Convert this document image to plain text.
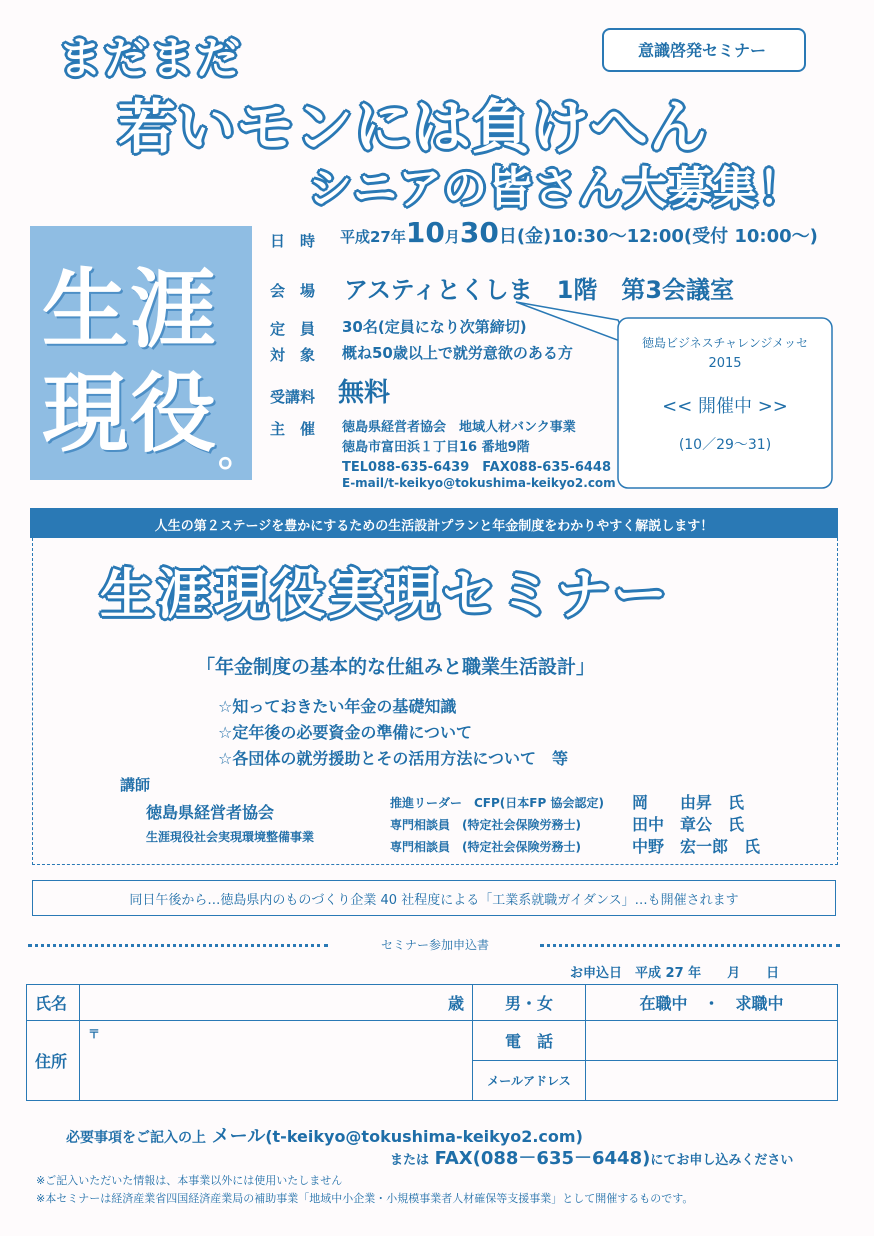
まだまだ	意識啓発セミナー
若いモンには負けへん
シニアの皆さん大募集！
生涯
現役 。
日　時 平成27年10月30日(金)10:30〜12:00(受付 10:00〜)
会　場 アスティとくしま　1階　第3会議室
定　員 30名(定員になり次第締切)
対　象 概ね50歳以上で就労意欲のある方
受講料 無料
主　催 徳島県経営者協会　地域人材バンク事業
徳島市富田浜１丁目16 番地9階
TEL088-635-6439　FAX088-635-6448
E-mail/t-keikyo@tokushima-keikyo2.com
徳島ビジネスチャレンジメッセ
2015
<< 開催中 >>
(10／29〜31)
人生の第２ステージを豊かにするための生活設計プランと年金制度をわかりやすく解説します！
生涯現役実現セミナー
「年金制度の基本的な仕組みと職業生活設計」
☆知っておきたい年金の基礎知識
☆定年後の必要資金の準備について
☆各団体の就労援助とその活用方法について　等
講師
徳島県経営者協会
生涯現役社会実現環境整備事業
推進リーダー　CFP(日本FP 協会認定) 岡　　由昇　氏
専門相談員　(特定社会保険労務士)	田中　章公　氏
専門相談員　(特定社会保険労務士)	中野　宏一郎　氏
同日午後から…徳島県内のものづくり企業 40 社程度による「工業系就職ガイダンス」…も開催されます
セミナー参加申込書
お申込日　平成 27 年　　月　　日
氏名		歳	男・女	在職中　・　求職中
住所	〒		電　話	
			メールアドレス	
必要事項をご記入の上 メール(t-keikyo@tokushima-keikyo2.com)
または FAX(088－635－6448)にてお申し込みください
※ご記入いただいた情報は、本事業以外には使用いたしません
※本セミナーは経済産業省四国経済産業局の補助事業「地域中小企業・小規模事業者人材確保等支援事業」として開催するものです。
